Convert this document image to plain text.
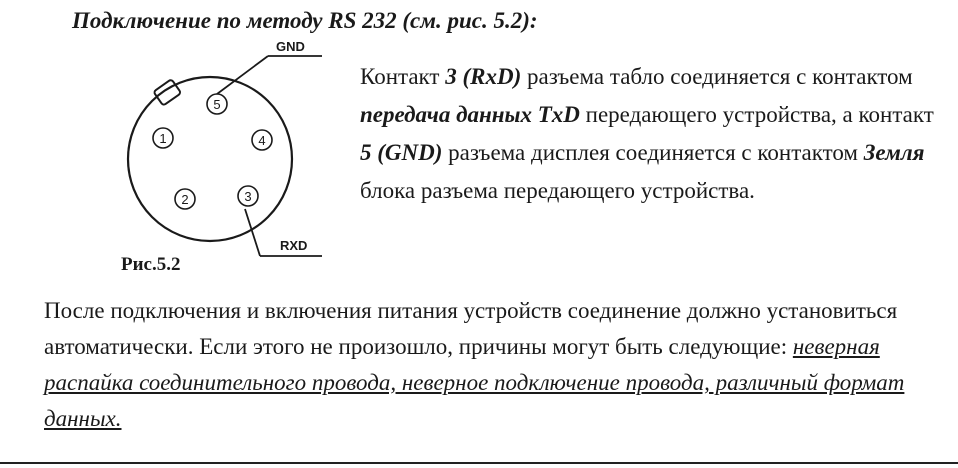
Подключение по методу RS 232 (см. рис. 5.2):
GND
RXD
1
2	3
4
5
Рис.5.2
Контакт 3 (RxD) разъема табло соединяется с контактом передача данных TxD передающего устройства, а контакт 5 (GND) разъема дисплея соединяется с контактом Земля блока разъема передающего устройства.
После подключения и включения питания устройств соединение должно установиться автоматически. Если этого не произошло, причины могут быть следующие: неверная распайка соединительного провода, неверное подключение провода, различный формат данных.
